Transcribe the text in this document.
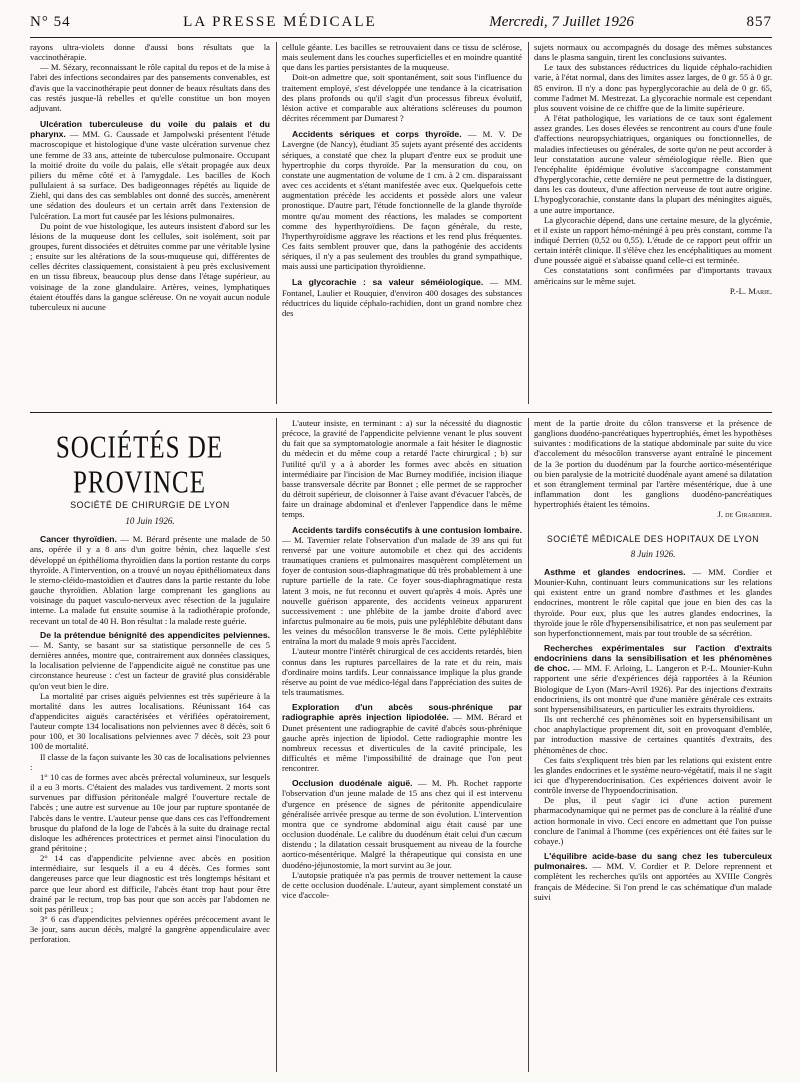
N° 54	LA PRESSE MÉDICALE	Mercredi, 7 Juillet 1926	857

rayons ultra-violets donne d'aussi bons résultats que la vaccinothérapie.

— M. Sézary, reconnaissant le rôle capital du repos et de la mise à l'abri des infections secondaires par des pansements convenables, est d'avis que la vaccinothérapie peut donner de beaux résultats dans des cas restés jusque-là rebelles et qu'elle constitue un bon moyen adjuvant.

Ulcération tuberculeuse du voile du palais et du pharynx. — MM. G. Caussade et Jampolwski présentent l'étude macroscopique et histologique d'une vaste ulcération survenue chez une femme de 33 ans, atteinte de tuberculose pulmonaire. Occupant la moitié droite du voile du palais, elle s'était propagée aux deux piliers du même côté et à l'amygdale. Les bacilles de Koch pullulaient à sa surface. Des badigeonnages répétés au liquide de Ziehl, qui dans des cas semblables ont donné des succès, amenèrent une sédation des douleurs et un certain arrêt dans l'extension de l'ulcération. La mort fut causée par les lésions pulmonaires.

Du point de vue histologique, les auteurs insistent d'abord sur les lésions de la muqueuse dont les cellules, soit isolément, soit par groupes, furent dissociées et détruites comme par une véritable lysine ; ensuite sur les altérations de la sous-muqueuse qui, différentes de celles décrites classiquement, consistaient à peu près exclusivement en un tissu fibreux, beaucoup plus dense dans l'étage supérieur, au voisinage de la zone glandulaire. Artères, veines, lymphatiques étaient étouffés dans la gangue scléreuse. On ne voyait aucun nodule tuberculeux ni aucune

cellule géante. Les bacilles se retrouvaient dans ce tissu de sclérose, mais seulement dans les couches superficielles et en moindre quantité que dans les parties persistantes de la muqueuse.

Doit-on admettre que, soit spontanément, soit sous l'influence du traitement employé, s'est développée une tendance à la cicatrisation des plans profonds ou qu'il s'agit d'un processus fibreux évolutif, lésion active et comparable aux altérations scléreuses du poumon décrites récemment par Dumarest ?

Accidents sériques et corps thyroïde. — M. V. De Lavergne (de Nancy), étudiant 35 sujets ayant présenté des accidents sériques, a constaté que chez la plupart d'entre eux se produit une hypertrophie du corps thyroïde. Par la mensuration du cou, on constate une augmentation de volume de 1 cm. à 2 cm. disparaissant avec ces accidents et s'étant manifestée avec eux. Quelquefois cette augmentation précède les accidents et possède alors une valeur pronostique. D'autre part, l'étude fonctionnelle de la glande thyroïde montre qu'au moment des réactions, les malades se comportent comme des hyperthyroïdiens. De façon générale, du reste, l'hyperthyroïdisme aggrave les réactions et les rend plus fréquentes. Ces faits semblent prouver que, dans la pathogénie des accidents sériques, il n'y a pas seulement des troubles du grand sympathique, mais aussi une participation thyroïdienne.

La glycorachie : sa valeur séméiologique. — MM. Fontanel, Laulier et Rouquier, d'environ 400 dosages des substances réductrices du liquide céphalo-rachidien, dont un grand nombre chez des

sujets normaux ou accompagnés du dosage des mêmes substances dans le plasma sanguin, tirent les conclusions suivantes.

Le taux des substances réductrices du liquide céphalo-rachidien varie, à l'état normal, dans des limites assez larges, de 0 gr. 55 à 0 gr. 85 environ. Il n'y a donc pas hyperglycorachie au delà de 0 gr. 65, comme l'admet M. Mestrezat. La glycorachie normale est cependant plus souvent voisine de ce chiffre que de la limite supérieure.

A l'état pathologique, les variations de ce taux sont également assez grandes. Les doses élevées se rencontrent au cours d'une foule d'affections neuropsychiatriques, organiques ou fonctionnelles, de maladies infectieuses ou générales, de sorte qu'on ne peut accorder à leur constatation aucune valeur séméiologique réelle. Bien que l'encéphalite épidémique évolutive s'accompagne constamment d'hyperglycorachie, cette dernière ne peut permettre de la distinguer, dans les cas douteux, d'une affection nerveuse de tout autre origine. L'hypoglycorachie, constante dans la plupart des méningites aiguës, a une autre importance.

La glycorachie dépend, dans une certaine mesure, de la glycémie, et il existe un rapport hémo-méningé à peu près constant, comme l'a indiqué Derrien (0,52 ou 0,55). L'étude de ce rapport peut offrir un certain intérêt clinique. Il s'élève chez les encéphalitiques au moment d'une poussée aiguë et s'abaisse quand celle-ci est terminée.

Ces constatations sont confirmées par d'importants travaux américains sur le même sujet.

P.-L. Marie.

SOCIÉTÉS DE PROVINCE
SOCIÉTÉ DE CHIRURGIE DE LYON
10 Juin 1926.

Cancer thyroïdien. — M. Bérard présente une malade de 50 ans, opérée il y a 8 ans d'un goitre bénin, chez laquelle s'est développé un épithélioma thyroïdien dans la portion restante du corps thyroïde. A l'intervention, on a trouvé un noyau épithéliomateux dans le sterno-cléido-mastoïdien et d'autres dans la partie restante du lobe gauche thyroïdien. Ablation large comprenant les ganglions au voisinage du paquet vasculo-nerveux avec résection de la jugulaire interne. La malade fut ensuite soumise à la radiothérapie profonde, recevant un total de 40 H. Bon résultat : la malade reste guérie.

De la prétendue bénignité des appendicites pelviennes. — M. Santy, se basant sur sa statistique personnelle de ces 5 dernières années, montre que, contrairement aux données classiques, la localisation pelvienne de l'appendicite aiguë ne constitue pas une circonstance heureuse : c'est un facteur de gravité plus considérable qu'on veut bien le dire.

La mortalité par crises aiguës pelviennes est très supérieure à la mortalité dans les autres localisations. Réunissant 164 cas d'appendicites aiguës caractérisées et vérifiées opératoirement, l'auteur compte 134 localisations non pelviennes avec 8 décès, soit 6 pour 100, et 30 localisations pelviennes avec 7 décès, soit 23 pour 100 de mortalité.

Il classe de la façon suivante les 30 cas de localisations pelviennes :

1° 10 cas de formes avec abcès prérectal volumineux, sur lesquels il a eu 3 morts. C'étaient des malades vus tardivement. 2 morts sont survenues par diffusion péritonéale malgré l'ouverture rectale de l'abcès ; une autre est survenue au 10e jour par rupture spontanée de l'abcès dans le ventre. L'auteur pense que dans ces cas l'effondrement brusque du plafond de la loge de l'abcès à la suite du drainage rectal disloque les adhérences protectrices et permet ainsi l'inoculation du grand péritoine ;

2° 14 cas d'appendicite pelvienne avec abcès en position intermédiaire, sur lesquels il a eu 4 décès. Ces formes sont dangereuses parce que leur diagnostic est très longtemps hésitant et parce que leur abord est difficile, l'abcès étant trop haut pour être drainé par le rectum, trop bas pour que son accès par l'abdomen ne soit pas périlleux ;

3° 6 cas d'appendicites pelviennes opérées précocement avant le 3e jour, sans aucun décès, malgré la gangrène appendiculaire avec perforation.

L'auteur insiste, en terminant : a) sur la nécessité du diagnostic précoce, la gravité de l'appendicite pelvienne venant le plus souvent du fait que sa symptomatologie anormale a fait hésiter le diagnostic du médecin et du même coup a retardé l'acte chirurgical ; b) sur l'utilité qu'il y a à aborder les formes avec abcès en situation intermédiaire par l'incision de Mac Burney modifiée, incision iliaque basse transversale décrite par Bonnet ; elle permet de se rapprocher du détroit supérieur, de cloisonner à l'aise avant d'évacuer l'abcès, de faire un drainage abdominal et d'enlever l'appendice dans le même temps.

Accidents tardifs consécutifs à une contusion lombaire. — M. Tavernier relate l'observation d'un malade de 39 ans qui fut renversé par une voiture automobile et chez qui des accidents traumatiques craniens et pulmonaires masquèrent complètement un foyer de contusion sous-diaphragmatique dû très probablement à une rupture partielle de la rate. Ce foyer sous-diaphragmatique resta latent 3 mois, ne fut reconnu et ouvert qu'après 4 mois. Après une nouvelle guérison apparente, des accidents veineux apparurent successivement : une phlébite de la jambe droite d'abord avec infarctus pulmonaire au 6e mois, puis une pyléphlébite débutant dans les veines du mésocôlon transverse le 8e mois. Cette pyléphlébite entraîna la mort du malade 9 mois après l'accident.

L'auteur montre l'intérêt chirurgical de ces accidents retardés, bien connus dans les ruptures parcellaires de la rate et du rein, mais d'ordinaire moins tardifs. Leur connaissance implique la plus grande réserve au point de vue médico-légal dans l'appréciation des suites de tels traumatismes.

Exploration d'un abcès sous-phrénique par radiographie après injection lipiodolée. — MM. Bérard et Dunet présentent une radiographie de cavité d'abcès sous-phrénique gauche après injection de lipiodol. Cette radiographie montre les nombreux recessus et diverticules de la cavité principale, les difficultés et même l'impossibilité de drainage que l'on peut rencontrer.

Occlusion duodénale aiguë. — M. Ph. Rochet rapporte l'observation d'un jeune malade de 15 ans chez qui il est intervenu d'urgence en présence de signes de péritonite appendiculaire généralisée arrivée presque au terme de son évolution. L'intervention montra que ce syndrome abdominal aigu était causé par une occlusion duodénale. Le calibre du duodénum était celui d'un cæcum distendu ; la dilatation cessait brusquement au niveau de la fourche aortico-mésentérique. Malgré la thérapeutique qui consista en une duodéno-jéjunostomie, la mort survint au 3e jour.

L'autopsie pratiquée n'a pas permis de trouver nettement la cause de cette occlusion duodénale. L'auteur, ayant simplement constaté un vice d'accole-

ment de la partie droite du côlon transverse et la présence de ganglions duodéno-pancréatiques hypertrophiés, émet les hypothèses suivantes : modifications de la statique abdominale par suite du vice d'accolement du mésocôlon transverse ayant entraîné le pincement de la 3e portion du duodénum par la fourche aortico-mésentérique ou bien paralysie de la motricité duodénale ayant amené sa dilatation et son étranglement terminal par l'artère mésentérique, due à une inflammation dont les ganglions duodéno-pancréatiques hypertrophiés étaient les témoins.

J. de Girardier.

SOCIÉTÉ MÉDICALE DES HOPITAUX DE LYON
8 Juin 1926.

Asthme et glandes endocrines. — MM. Cordier et Mounier-Kuhn, continuant leurs communications sur les relations qui existent entre un grand nombre d'asthmes et les glandes endocrines, montrent le rôle capital que joue en bien des cas la thyroïde. Pour eux, plus que les autres glandes endocrines, la thyroïde joue le rôle d'hypersensibilisatrice, et non pas seulement par son hyperfonctionnement, mais par tout trouble de sa sécrétion.

Recherches expérimentales sur l'action d'extraits endocriniens dans la sensibilisation et les phénomènes de choc. — MM. F. Arloing, L. Langeron et P.-L. Mounier-Kuhn rapportent une série d'expériences déjà rapportées à la Réunion Biologique de Lyon (Mars-Avril 1926). Par des injections d'extraits endocriniens, ils ont montré que d'une manière générale ces extraits sont hypersensibilisateurs, en particulier les extraits thyroïdiens.

Ils ont recherché ces phénomènes soit en hypersensibilisant un choc anaphylactique proprement dit, soit en provoquant d'emblée, par introduction massive de certaines quantités d'extraits, des phénomènes de choc.

Ces faits s'expliquent très bien par les relations qui existent entre les glandes endocrines et le système neuro-végétatif, mais il ne s'agit ici que d'hyperendocrinisation. Ces expériences doivent avoir le contrôle inverse de l'hypoendocrinisation.

De plus, il peut s'agir ici d'une action purement pharmacodynamique qui ne permet pas de conclure à la réalité d'une action hormonale in vivo. Ceci encore en admettant que l'on puisse conclure de l'animal à l'homme (ces expériences ont été faites sur le cobaye.)

L'équilibre acide-base du sang chez les tuberculeux pulmonaires. — MM. V. Cordier et P. Delore reprennent et complètent les recherches qu'ils ont apportées au XVIIIe Congrès français de Médecine. Si l'on prend le cas schématique d'un malade suivi
